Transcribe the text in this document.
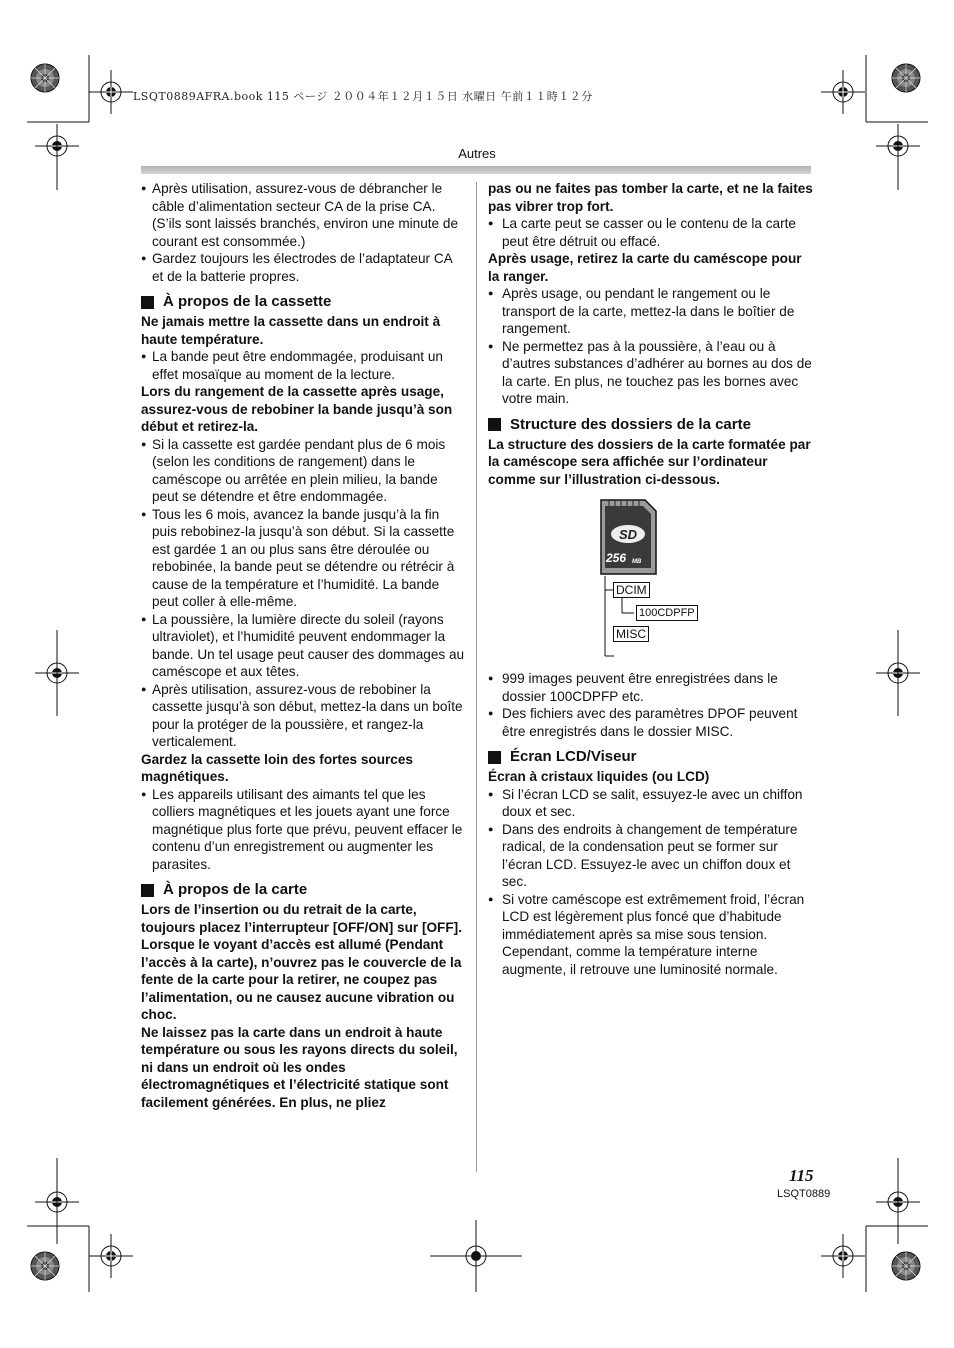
LSQT0889AFRA.book 115 ページ ２００４年１２月１５日 水曜日 午前１１時１２分
Autres

● Après utilisation, assurez-vous de débrancher le câble d’alimentation secteur CA de la prise CA. (S’ils sont laissés branchés, environ une minute de courant est consommée.)

● Gardez toujours les électrodes de l’adaptateur CA et de la batterie propres.

À propos de la cassette

Ne jamais mettre la cassette dans un endroit à haute température.

● La bande peut être endommagée, produisant un effet mosaïque au moment de la lecture.

Lors du rangement de la cassette après usage, assurez-vous de rebobiner la bande jusqu’à son début et retirez-la.

● Si la cassette est gardée pendant plus de 6 mois (selon les conditions de rangement) dans le caméscope ou arrêtée en plein milieu, la bande peut se détendre et être endommagée.

● Tous les 6 mois, avancez la bande jusqu’à la fin puis rebobinez-la jusqu’à son début. Si la cassette est gardée 1 an ou plus sans être déroulée ou rebobinée, la bande peut se détendre ou rétrécir à cause de la température et l’humidité. La bande peut coller à elle-même.

● La poussière, la lumière directe du soleil (rayons ultraviolet), et l’humidité peuvent endommager la bande. Un tel usage peut causer des dommages au caméscope et aux têtes.

● Après utilisation, assurez-vous de rebobiner la cassette jusqu’à son début, mettez-la dans un boîte pour la protéger de la poussière, et rangez-la verticalement.

Gardez la cassette loin des fortes sources magnétiques.

● Les appareils utilisant des aimants tel que les colliers magnétiques et les jouets ayant une force magnétique plus forte que prévu, peuvent effacer le contenu d’un enregistrement ou augmenter les parasites.

À propos de la carte

Lors de l’insertion ou du retrait de la carte, toujours placez l’interrupteur [OFF/ON] sur [OFF].

Lorsque le voyant d’accès est allumé (Pendant l’accès à la carte), n’ouvrez pas le couvercle de la fente de la carte pour la retirer, ne coupez pas l’alimentation, ou ne causez aucune vibration ou choc.

Ne laissez pas la carte dans un endroit à haute température ou sous les rayons directs du soleil, ni dans un endroit où les ondes électromagnétiques et l’électricité statique sont facilement générées. En plus, ne pliez

pas ou ne faites pas tomber la carte, et ne la faites pas vibrer trop fort.

● La carte peut se casser ou le contenu de la carte peut être détruit ou effacé.

Après usage, retirez la carte du caméscope pour la ranger.

● Après usage, ou pendant le rangement ou le transport de la carte, mettez-la dans le boîtier de rangement.

● Ne permettez pas à la poussière, à l’eau ou à d’autres substances d’adhérer au bornes au dos de la carte. En plus, ne touchez pas les bornes avec votre main.

Structure des dossiers de la carte

La structure des dossiers de la carte formatée par la caméscope sera affichée sur l’ordinateur comme sur l’illustration ci-dessous.

SD
256 MB
DCIM
100CDPFP
MISC

● 999 images peuvent être enregistrées dans le dossier 100CDPFP etc.

● Des fichiers avec des paramètres DPOF peuvent être enregistrés dans le dossier MISC.

Écran LCD/Viseur

Écran à cristaux liquides (ou LCD)

● Si l’écran LCD se salit, essuyez-le avec un chiffon doux et sec.

● Dans des endroits à changement de température radical, de la condensation peut se former sur l’écran LCD. Essuyez-le avec un chiffon doux et sec.

● Si votre caméscope est extrêmement froid, l’écran LCD est légèrement plus foncé que d’habitude immédiatement après sa mise sous tension. Cependant, comme la température interne augmente, il retrouve une luminosité normale.

115
LSQT0889
